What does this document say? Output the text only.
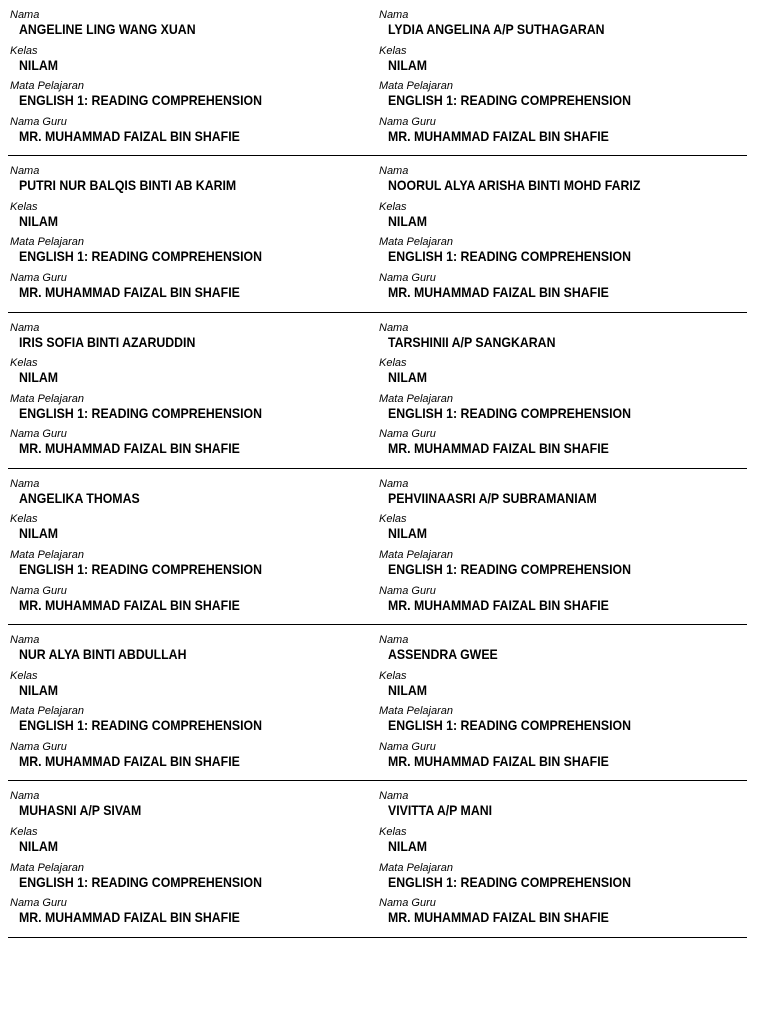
Nama
ANGELINE LING WANG XUAN
Kelas
NILAM
Mata Pelajaran
ENGLISH 1: READING COMPREHENSION
Nama Guru
MR. MUHAMMAD FAIZAL BIN SHAFIE
Nama
LYDIA ANGELINA A/P SUTHAGARAN
Kelas
NILAM
Mata Pelajaran
ENGLISH 1: READING COMPREHENSION
Nama Guru
MR. MUHAMMAD FAIZAL BIN SHAFIE
Nama
PUTRI NUR BALQIS BINTI AB KARIM
Kelas
NILAM
Mata Pelajaran
ENGLISH 1: READING COMPREHENSION
Nama Guru
MR. MUHAMMAD FAIZAL BIN SHAFIE
Nama
NOORUL ALYA ARISHA BINTI MOHD FARIZ
Kelas
NILAM
Mata Pelajaran
ENGLISH 1: READING COMPREHENSION
Nama Guru
MR. MUHAMMAD FAIZAL BIN SHAFIE
Nama
IRIS SOFIA BINTI AZARUDDIN
Kelas
NILAM
Mata Pelajaran
ENGLISH 1: READING COMPREHENSION
Nama Guru
MR. MUHAMMAD FAIZAL BIN SHAFIE
Nama
TARSHINII A/P SANGKARAN
Kelas
NILAM
Mata Pelajaran
ENGLISH 1: READING COMPREHENSION
Nama Guru
MR. MUHAMMAD FAIZAL BIN SHAFIE
Nama
ANGELIKA THOMAS
Kelas
NILAM
Mata Pelajaran
ENGLISH 1: READING COMPREHENSION
Nama Guru
MR. MUHAMMAD FAIZAL BIN SHAFIE
Nama
PEHVIINAASRI A/P SUBRAMANIAM
Kelas
NILAM
Mata Pelajaran
ENGLISH 1: READING COMPREHENSION
Nama Guru
MR. MUHAMMAD FAIZAL BIN SHAFIE
Nama
NUR ALYA BINTI ABDULLAH
Kelas
NILAM
Mata Pelajaran
ENGLISH 1: READING COMPREHENSION
Nama Guru
MR. MUHAMMAD FAIZAL BIN SHAFIE
Nama
ASSENDRA GWEE
Kelas
NILAM
Mata Pelajaran
ENGLISH 1: READING COMPREHENSION
Nama Guru
MR. MUHAMMAD FAIZAL BIN SHAFIE
Nama
MUHASNI A/P SIVAM
Kelas
NILAM
Mata Pelajaran
ENGLISH 1: READING COMPREHENSION
Nama Guru
MR. MUHAMMAD FAIZAL BIN SHAFIE
Nama
VIVITTA A/P MANI
Kelas
NILAM
Mata Pelajaran
ENGLISH 1: READING COMPREHENSION
Nama Guru
MR. MUHAMMAD FAIZAL BIN SHAFIE
